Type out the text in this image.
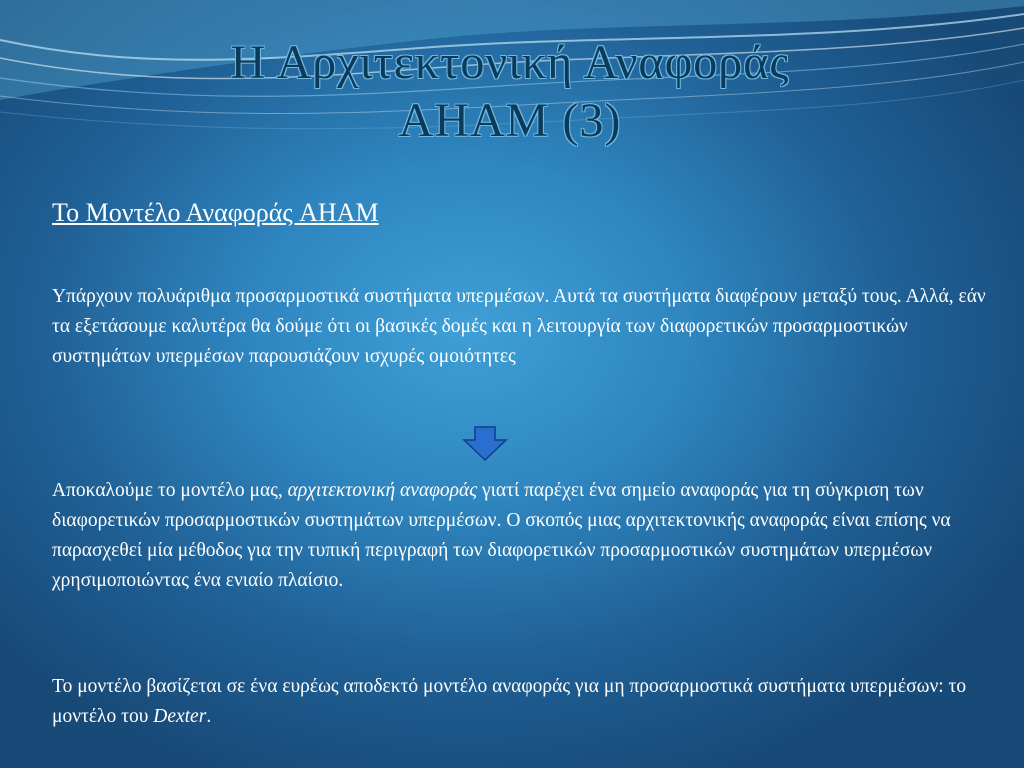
Η Αρχιτεκτονική Αναφοράς
AHAM (3)
Το Μοντέλο Αναφοράς AHAM
Υπάρχουν πολυάριθμα προσαρμοστικά συστήματα υπερμέσων. Αυτά τα συστήματα διαφέρουν μεταξύ τους. Αλλά, εάν τα εξετάσουμε καλυτέρα θα δούμε ότι οι βασικές δομές και η λειτουργία των διαφορετικών προσαρμοστικών συστημάτων υπερμέσων παρουσιάζουν ισχυρές ομοιότητες
Αποκαλούμε το μοντέλο μας, αρχιτεκτονική αναφοράς γιατί παρέχει ένα σημείο αναφοράς για τη σύγκριση των διαφορετικών προσαρμοστικών συστημάτων υπερμέσων. Ο σκοπός μιας αρχιτεκτονικής αναφοράς είναι επίσης να παρασχεθεί μία μέθοδος για την τυπική περιγραφή των διαφορετικών προσαρμοστικών συστημάτων υπερμέσων χρησιμοποιώντας ένα ενιαίο πλαίσιο.
Το μοντέλο βασίζεται σε ένα ευρέως αποδεκτό μοντέλο αναφοράς για μη προσαρμοστικά συστήματα υπερμέσων: το μοντέλο του Dexter.
